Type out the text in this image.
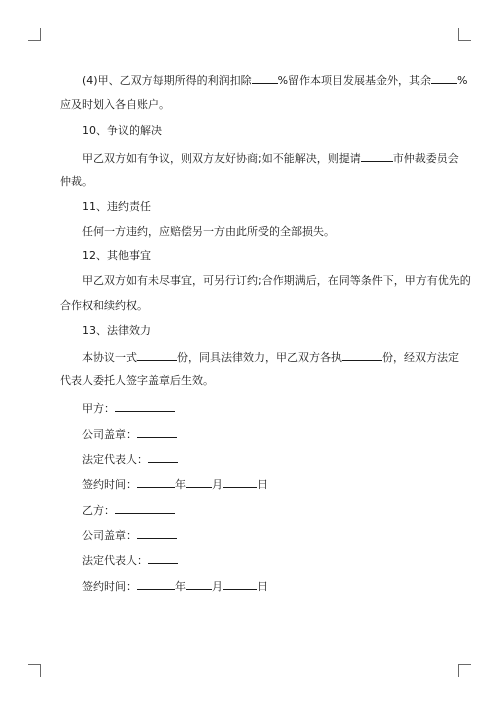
(4)甲、乙双方每期所得的利润扣除 %留作本项目发展基金外，其余 %
应及时划入各自账户。
10、争议的解决
甲乙双方如有争议，则双方友好协商;如不能解决，则提请	市仲裁委员会
仲裁。
11、违约责任
任何一方违约，应赔偿另一方由此所受的全部损失。
12、其他事宜
甲乙双方如有未尽事宜，可另行订约;合作期满后，在同等条件下，甲方有优先的
合作权和续约权。
13、法律效力
本协议一式	份，同具法律效力，甲乙双方各执	份，经双方法定
代表人委托人签字盖章后生效。
甲方：
公司盖章：
法定代表人：
签约时间：	年 月	日
乙方：
公司盖章：
法定代表人：
签约时间：	年 月	日
